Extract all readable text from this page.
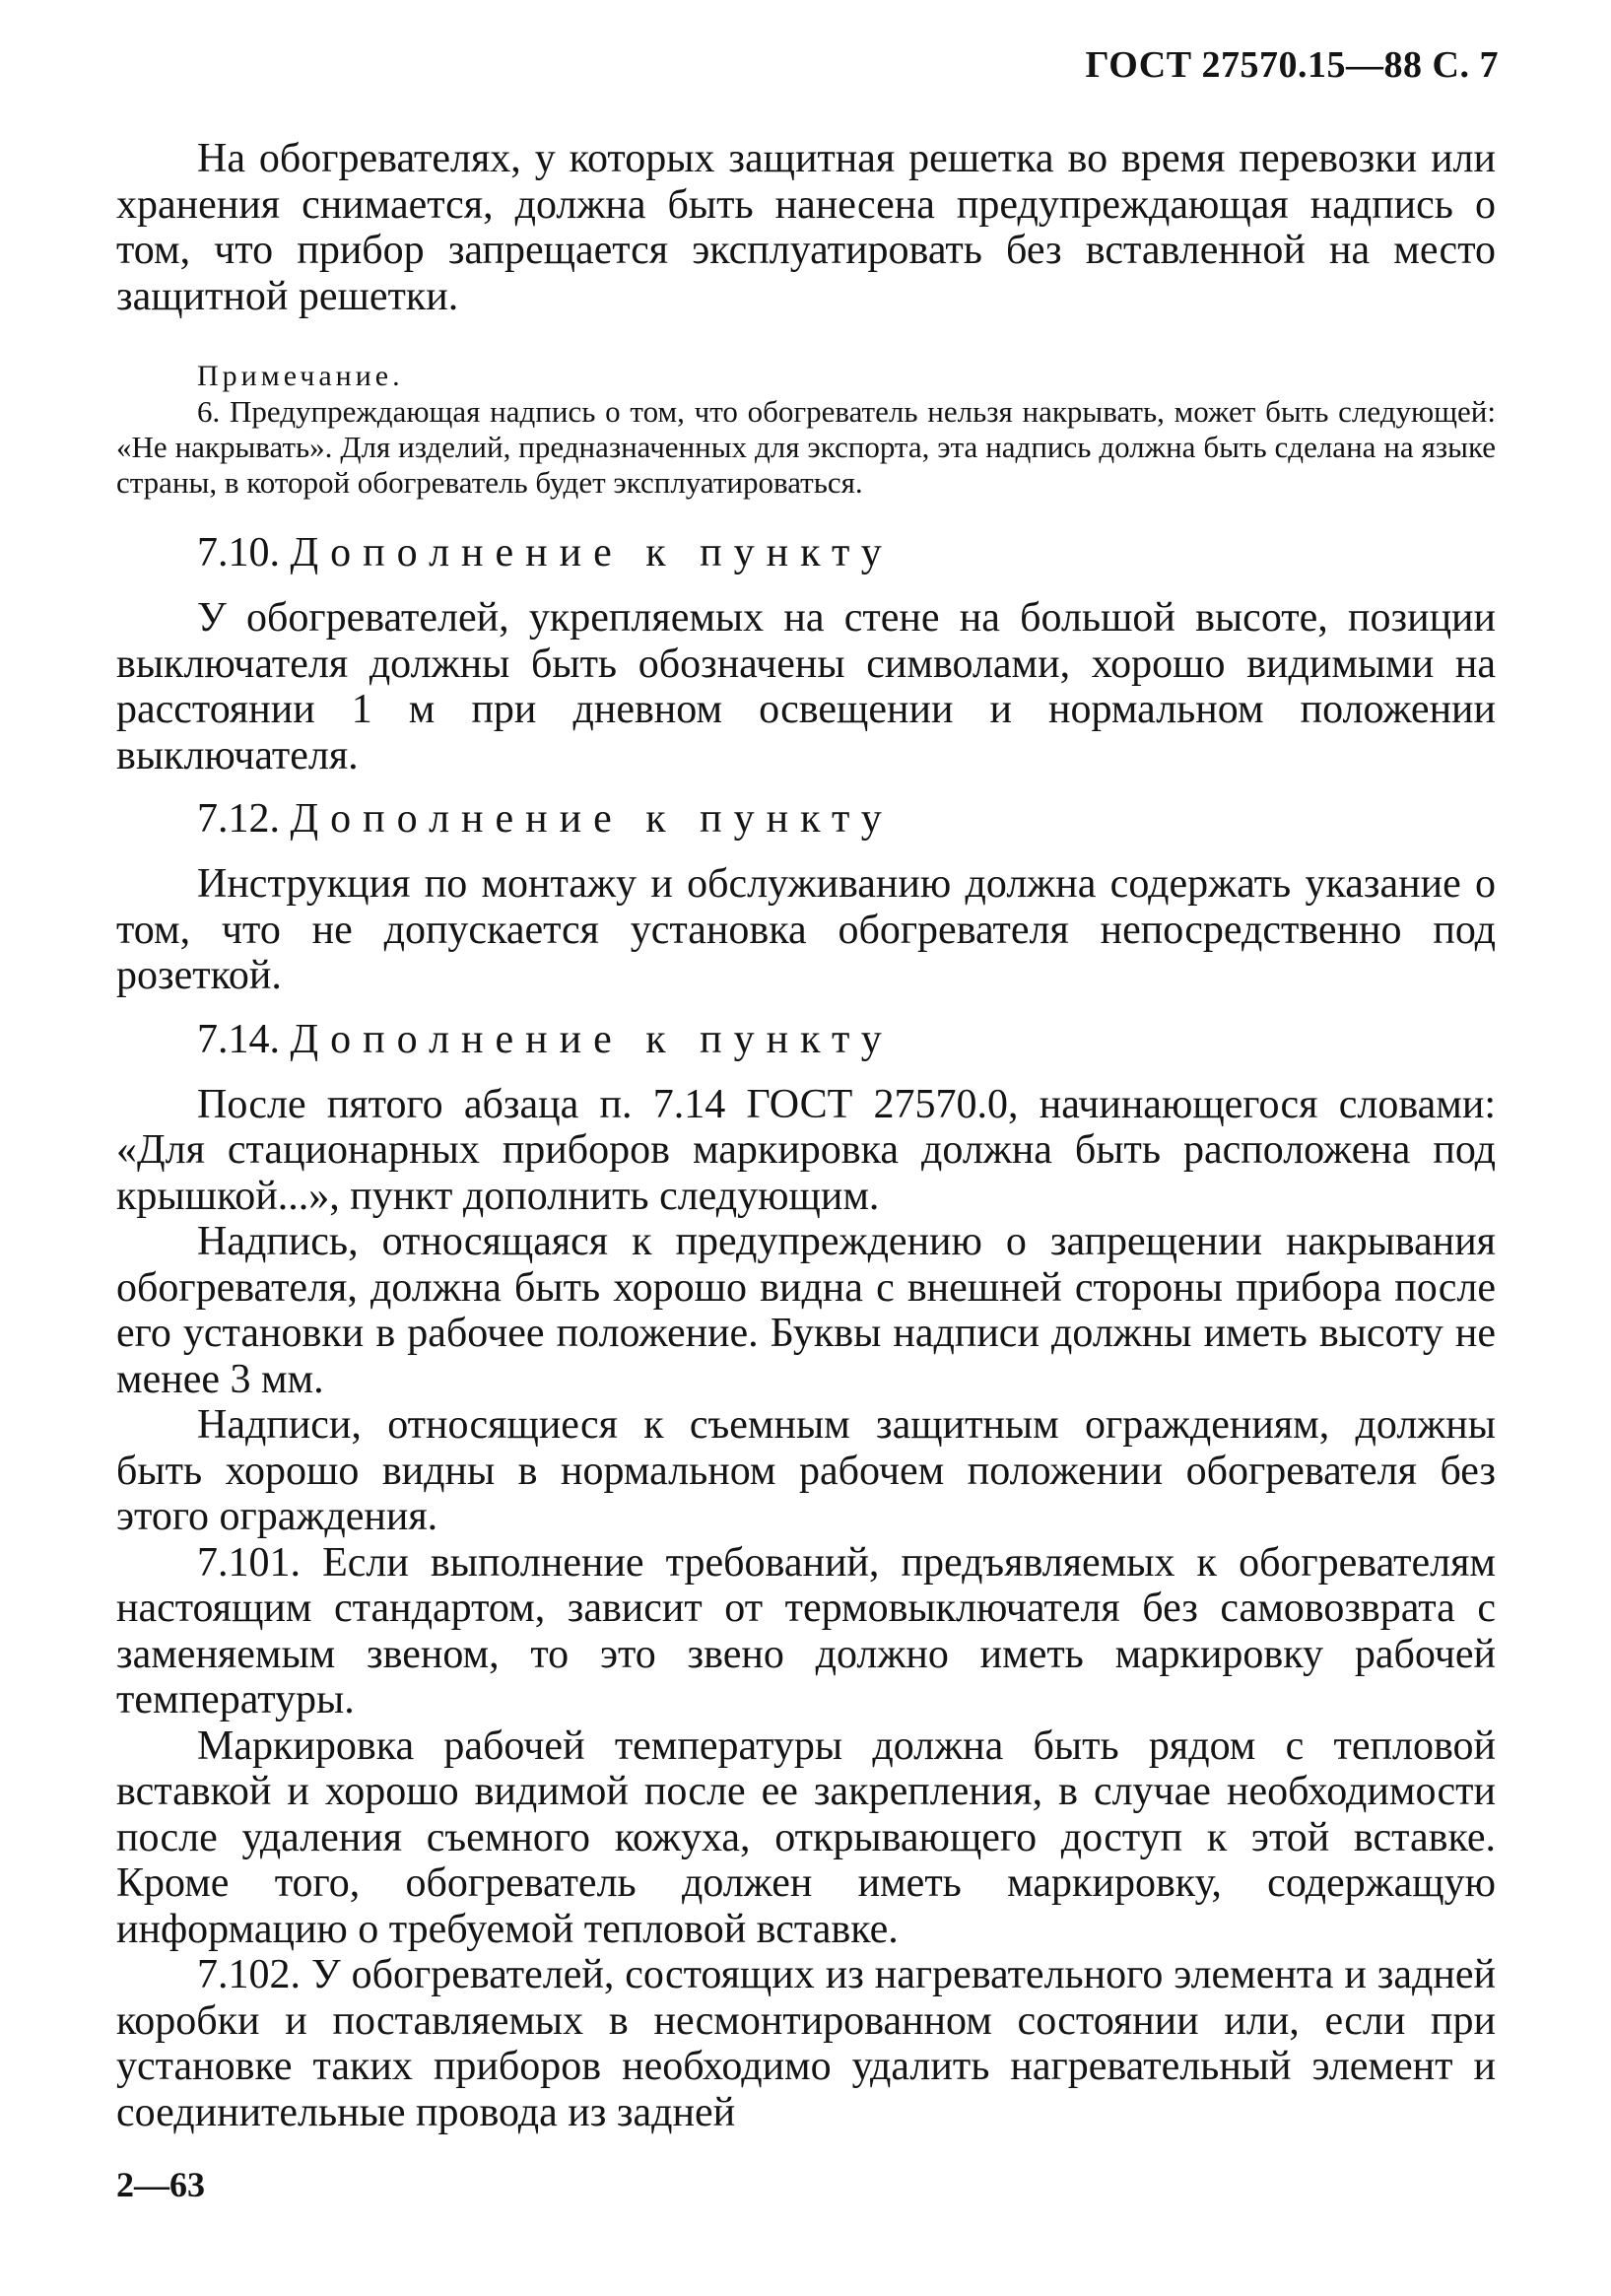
ГОСТ 27570.15—88 С. 7

На обогревателях, у которых защитная решетка во время перевозки или хранения снимается, должна быть нанесена предупреждающая надпись о том, что прибор запрещается эксплуатировать без вставленной на место защитной решетки.

Примечание.
6. Предупреждающая надпись о том, что обогреватель нельзя накрывать, может быть следующей: «Не накрывать». Для изделий, предназначенных для экспорта, эта надпись должна быть сделана на языке страны, в которой обогреватель будет эксплуатироваться.
7.10. Дополнение к пункту

У обогревателей, укрепляемых на стене на большой высоте, позиции выключателя должны быть обозначены символами, хорошо видимыми на расстоянии 1 м при дневном освещении и нормальном положении выключателя.

7.12. Дополнение к пункту

Инструкция по монтажу и обслуживанию должна содержать указание о том, что не допускается установка обогревателя непосредственно под розеткой.

7.14. Дополнение к пункту

После пятого абзаца п. 7.14 ГОСТ 27570.0, начинающегося словами: «Для стационарных приборов маркировка должна быть расположена под крышкой...», пункт дополнить следующим.

Надпись, относящаяся к предупреждению о запрещении накрывания обогревателя, должна быть хорошо видна с внешней стороны прибора после его установки в рабочее положение. Буквы надписи должны иметь высоту не менее 3 мм.

Надписи, относящиеся к съемным защитным ограждениям, должны быть хорошо видны в нормальном рабочем положении обогревателя без этого ограждения.

7.101. Если выполнение требований, предъявляемых к обогревателям настоящим стандартом, зависит от термовыключателя без самовозврата с заменяемым звеном, то это звено должно иметь маркировку рабочей температуры.

Маркировка рабочей температуры должна быть рядом с тепловой вставкой и хорошо видимой после ее закрепления, в случае необходимости после удаления съемного кожуха, открывающего доступ к этой вставке. Кроме того, обогреватель должен иметь маркировку, содержащую информацию о требуемой тепловой вставке.

7.102. У обогревателей, состоящих из нагревательного элемента и задней коробки и поставляемых в несмонтированном состоянии или, если при установке таких приборов необходимо удалить нагревательный элемент и соединительные провода из задней

2—63
